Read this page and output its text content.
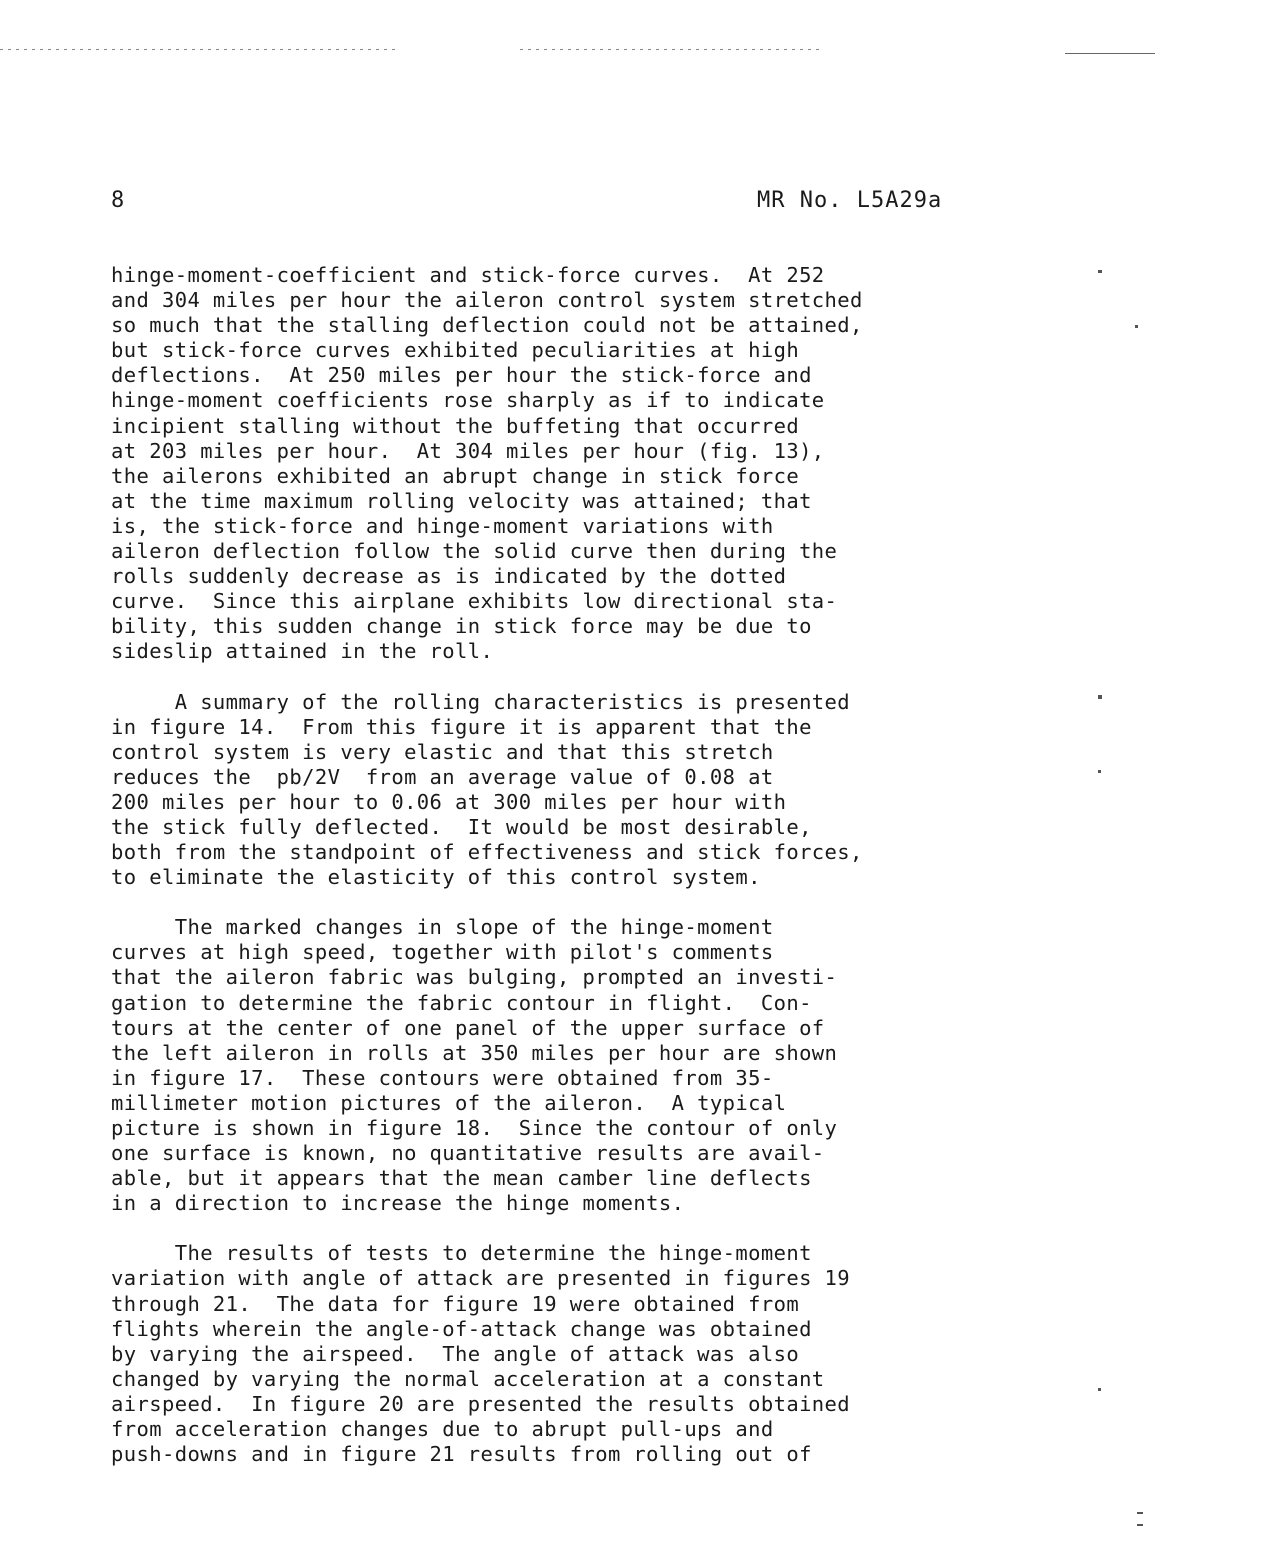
8	MR No. L5A29a
hinge-moment-coefficient and stick-force curves.  At 252
and 304 miles per hour the aileron control system stretched
so much that the stalling deflection could not be attained,
but stick-force curves exhibited peculiarities at high
deflections.  At 250 miles per hour the stick-force and
hinge-moment coefficients rose sharply as if to indicate
incipient stalling without the buffeting that occurred
at 203 miles per hour.  At 304 miles per hour (fig. 13),
the ailerons exhibited an abrupt change in stick force
at the time maximum rolling velocity was attained; that
is, the stick-force and hinge-moment variations with
aileron deflection follow the solid curve then during the
rolls suddenly decrease as is indicated by the dotted
curve.  Since this airplane exhibits low directional sta-
bility, this sudden change in stick force may be due to
sideslip attained in the roll.
A summary of the rolling characteristics is presented
in figure 14.  From this figure it is apparent that the
control system is very elastic and that this stretch
reduces the  pb/2V  from an average value of 0.08 at
200 miles per hour to 0.06 at 300 miles per hour with
the stick fully deflected.  It would be most desirable,
both from the standpoint of effectiveness and stick forces,
to eliminate the elasticity of this control system.
The marked changes in slope of the hinge-moment
curves at high speed, together with pilot's comments
that the aileron fabric was bulging, prompted an investi-
gation to determine the fabric contour in flight.  Con-
tours at the center of one panel of the upper surface of
the left aileron in rolls at 350 miles per hour are shown
in figure 17.  These contours were obtained from 35-
millimeter motion pictures of the aileron.  A typical
picture is shown in figure 18.  Since the contour of only
one surface is known, no quantitative results are avail-
able, but it appears that the mean camber line deflects
in a direction to increase the hinge moments.
The results of tests to determine the hinge-moment
variation with angle of attack are presented in figures 19
through 21.  The data for figure 19 were obtained from
flights wherein the angle-of-attack change was obtained
by varying the airspeed.  The angle of attack was also
changed by varying the normal acceleration at a constant
airspeed.  In figure 20 are presented the results obtained
from acceleration changes due to abrupt pull-ups and
push-downs and in figure 21 results from rolling out of
